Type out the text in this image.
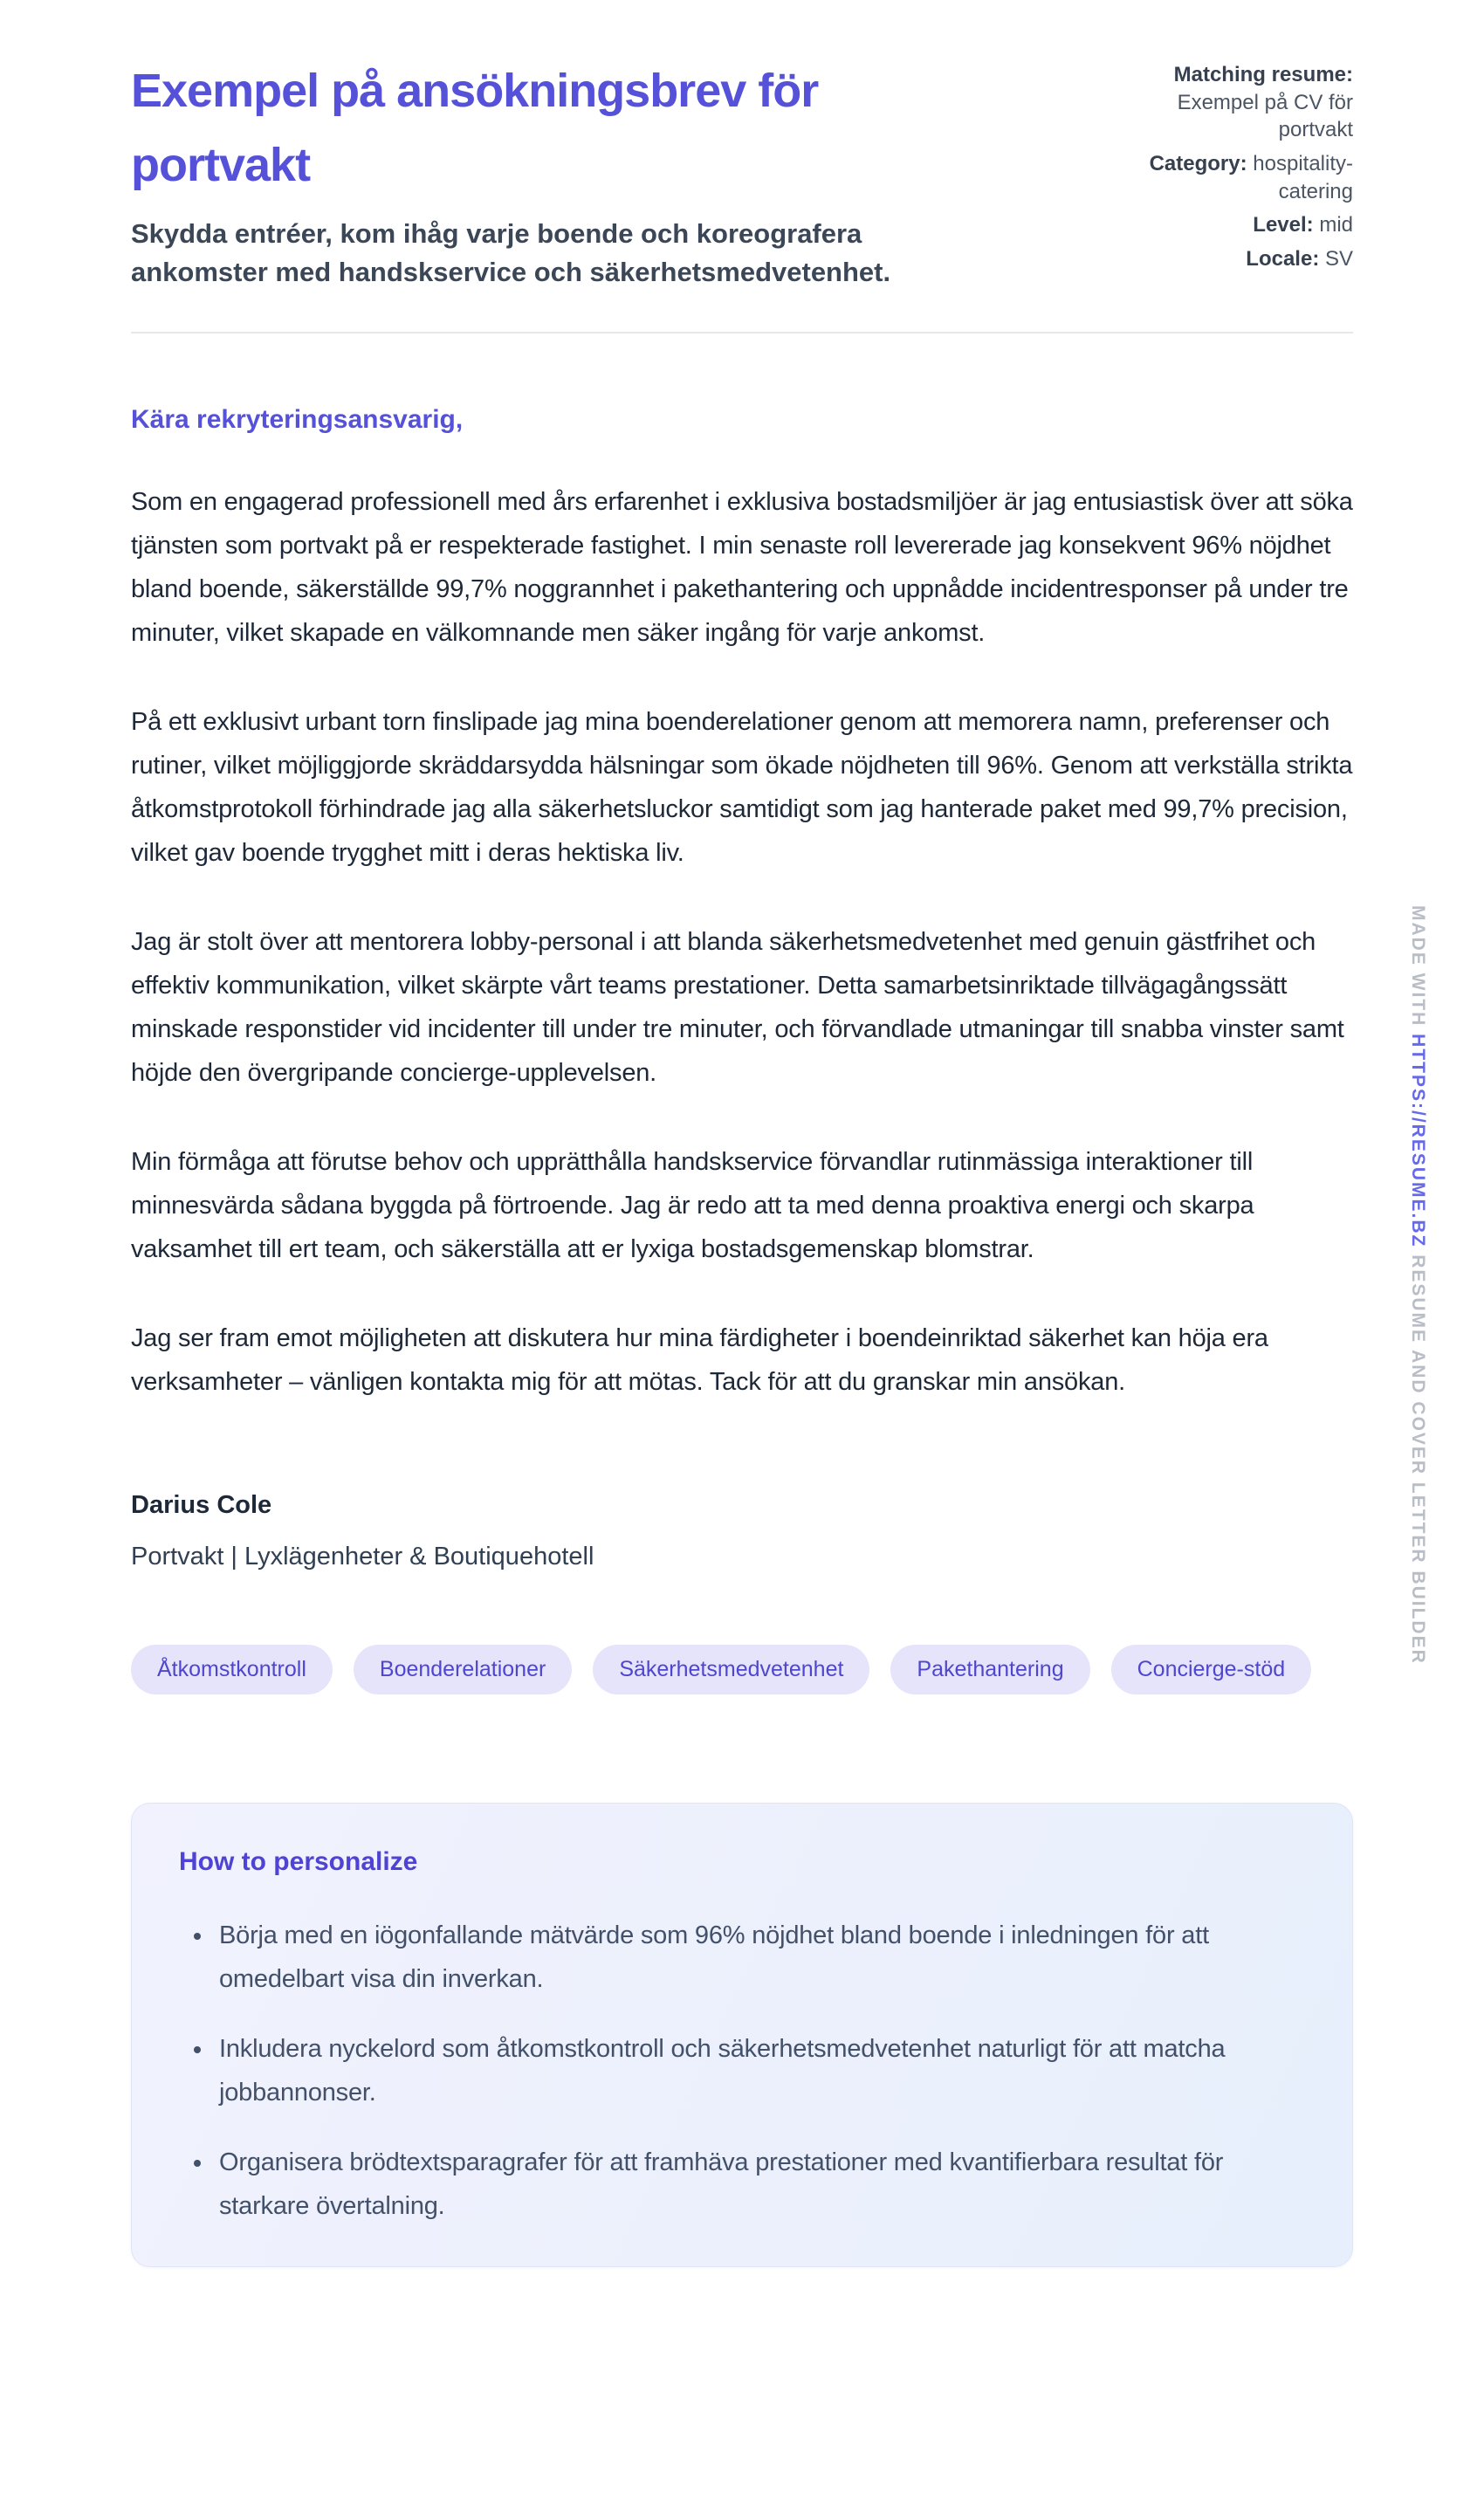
Exempel på ansökningsbrev för portvakt

Skydda entréer, kom ihåg varje boende och koreografera ankomster med handskservice och säkerhetsmedvetenhet.

Matching resume: Exempel på CV för portvakt
Category: hospitality-catering
Level: mid
Locale: SV

Kära rekryteringsansvarig,

Som en engagerad professionell med års erfarenhet i exklusiva bostadsmiljöer är jag entusiastisk över att söka tjänsten som portvakt på er respekterade fastighet. I min senaste roll levererade jag konsekvent 96% nöjdhet bland boende, säkerställde 99,7% noggrannhet i pakethantering och uppnådde incidentresponser på under tre minuter, vilket skapade en välkomnande men säker ingång för varje ankomst.

På ett exklusivt urbant torn finslipade jag mina boenderelationer genom att memorera namn, preferenser och rutiner, vilket möjliggjorde skräddarsydda hälsningar som ökade nöjdheten till 96%. Genom att verkställa strikta åtkomstprotokoll förhindrade jag alla säkerhetsluckor samtidigt som jag hanterade paket med 99,7% precision, vilket gav boende trygghet mitt i deras hektiska liv.

Jag är stolt över att mentorera lobby-personal i att blanda säkerhetsmedvetenhet med genuin gästfrihet och effektiv kommunikation, vilket skärpte vårt teams prestationer. Detta samarbetsinriktade tillvägagångssätt minskade responstider vid incidenter till under tre minuter, och förvandlade utmaningar till snabba vinster samt höjde den övergripande concierge-upplevelsen.

Min förmåga att förutse behov och upprätthålla handskservice förvandlar rutinmässiga interaktioner till minnesvärda sådana byggda på förtroende. Jag är redo att ta med denna proaktiva energi och skarpa vaksamhet till ert team, och säkerställa att er lyxiga bostadsgemenskap blomstrar.

Jag ser fram emot möjligheten att diskutera hur mina färdigheter i boendeinriktad säkerhet kan höja era verksamheter – vänligen kontakta mig för att mötas. Tack för att du granskar min ansökan.

Darius Cole

Portvakt | Lyxlägenheter & Boutiquehotell

Åtkomstkontroll	Boenderelationer	Säkerhetsmedvetenhet	Pakethantering	Concierge-stöd
How to personalize
• Börja med en iögonfallande mätvärde som 96% nöjdhet bland boende i inledningen för att omedelbart visa din inverkan.
• Inkludera nyckelord som åtkomstkontroll och säkerhetsmedvetenhet naturligt för att matcha jobbannonser.
• Organisera brödtextsparagrafer för att framhäva prestationer med kvantifierbara resultat för starkare övertalning.
MADE WITH HTTPS://RESUME.BZ RESUME AND COVER LETTER BUILDER
